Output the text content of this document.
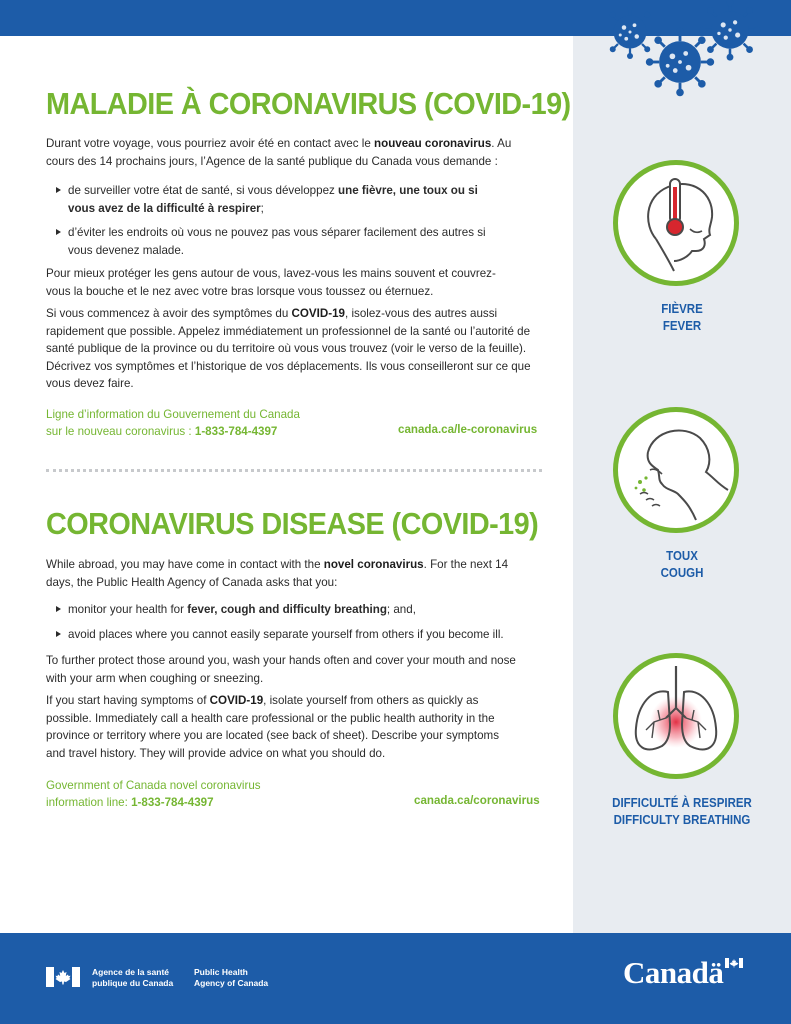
MALADIE À CORONAVIRUS (COVID-19)
Durant votre voyage, vous pourriez avoir été en contact avec le nouveau coronavirus. Au cours des 14 prochains jours, l’Agence de la santé publique du Canada vous demande :
de surveiller votre état de santé, si vous développez une fièvre, une toux ou si vous avez de la difficulté à respirer;
d’éviter les endroits où vous ne pouvez pas vous séparer facilement des autres si vous devenez malade.
Pour mieux protéger les gens autour de vous, lavez-vous les mains souvent et couvrez-vous la bouche et le nez avec votre bras lorsque vous toussez ou éternuez.
Si vous commencez à avoir des symptômes du COVID-19, isolez-vous des autres aussi rapidement que possible. Appelez immédiatement un professionnel de la santé ou l’autorité de santé publique de la province ou du territoire où vous vous trouvez (voir le verso de la feuille). Décrivez vos symptômes et l’historique de vos déplacements. Ils vous conseilleront sur ce que vous devez faire.
Ligne d’information du Gouvernement du Canada
sur le nouveau coronavirus : 1-833-784-4397	canada.ca/le-coronavirus
CORONAVIRUS DISEASE (COVID-19)
While abroad, you may have come in contact with the novel coronavirus. For the next 14 days, the Public Health Agency of Canada asks that you:
monitor your health for fever, cough and difficulty breathing; and,
avoid places where you cannot easily separate yourself from others if you become ill.
To further protect those around you, wash your hands often and cover your mouth and nose with your arm when coughing or sneezing.
If you start having symptoms of COVID-19, isolate yourself from others as quickly as possible. Immediately call a health care professional or the public health authority in the province or territory where you are located (see back of sheet). Describe your symptoms and travel history. They will provide advice on what you should do.
Government of Canada novel coronavirus
information line: 1-833-784-4397	canada.ca/coronavirus
FIÈVRE
FEVER
TOUX
COUGH
DIFFICULTÉ À RESPIRER
DIFFICULTY BREATHING
Agence de la santé
publique du Canada
Public Health
Agency of Canada	Canadä
